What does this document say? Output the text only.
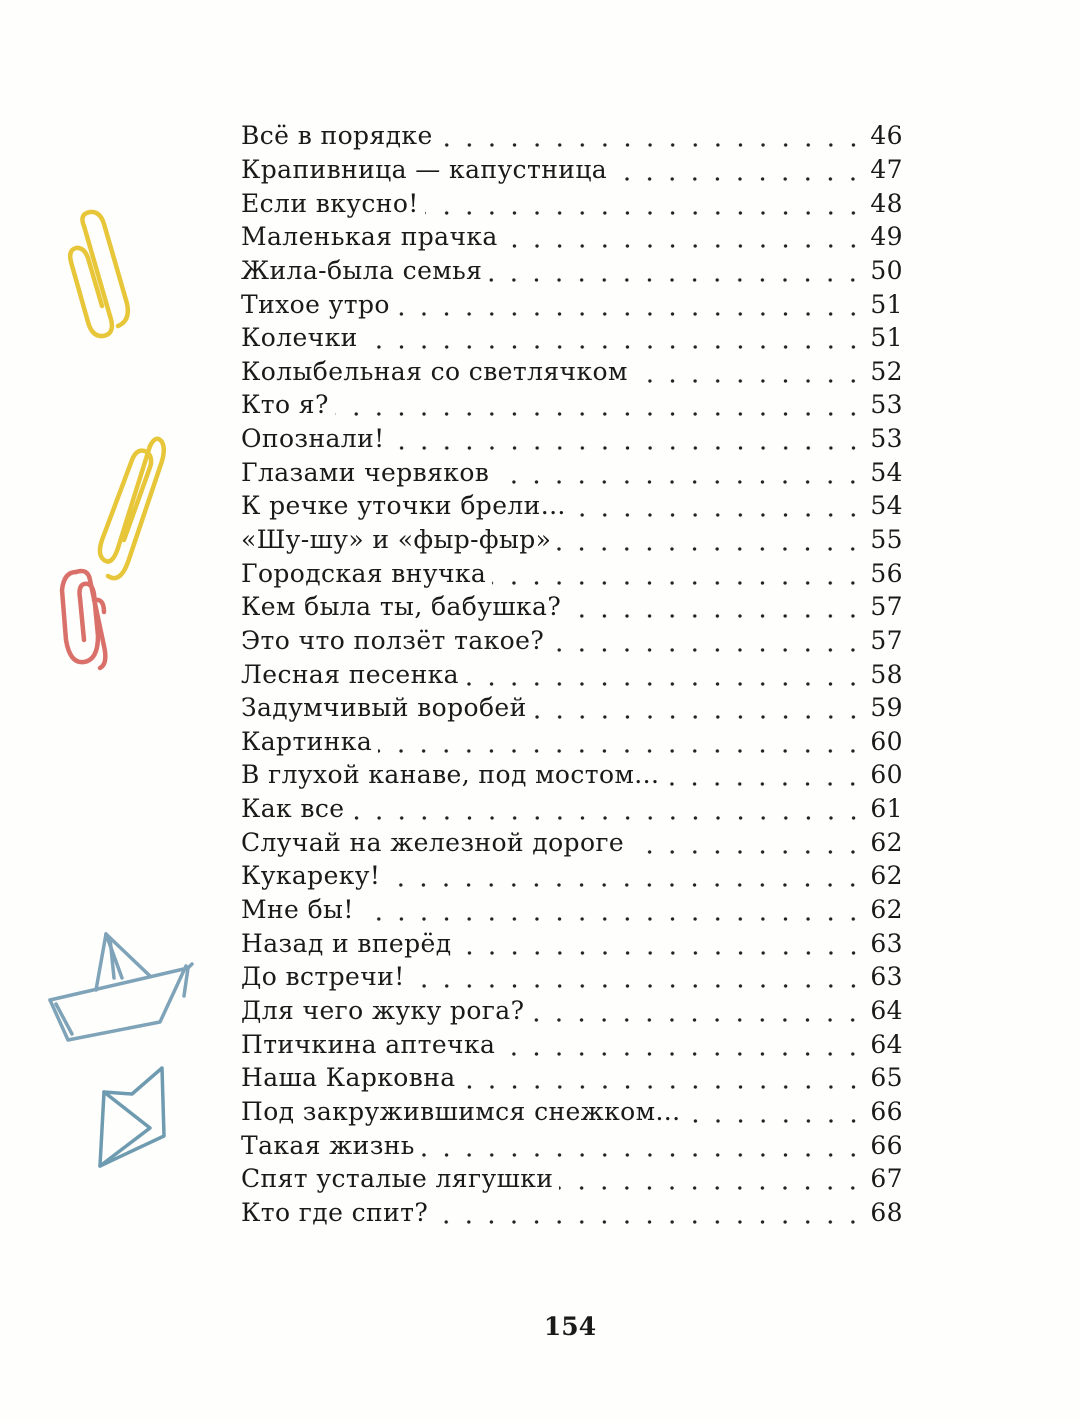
Всё в порядке	46
Крапивница — капустница	47
Если вкусно!	48
Маленькая прачка	49
Жила-была семья	50
Тихое утро	51
Колечки	51
Колыбельная со светлячком	52
Кто я?	53
Опознали!	53
Глазами червяков	54
К речке уточки брели...	54
«Шу-шу» и «фыр-фыр»	55
Городская внучка	56
Кем была ты, бабушка?	57
Это что ползёт такое?	57
Лесная песенка	58
Задумчивый воробей	59
Картинка	60
В глухой канаве, под мостом...	60
Как все	61
Случай на железной дороге	62
Кукареку!	62
Мне бы!	62
Назад и вперёд	63
До встречи!	63
Для чего жуку рога?	64
Птичкина аптечка	64
Наша Карковна	65
Под закружившимся снежком...	66
Такая жизнь	66
Спят усталые лягушки	67
Кто где спит?	68
154
